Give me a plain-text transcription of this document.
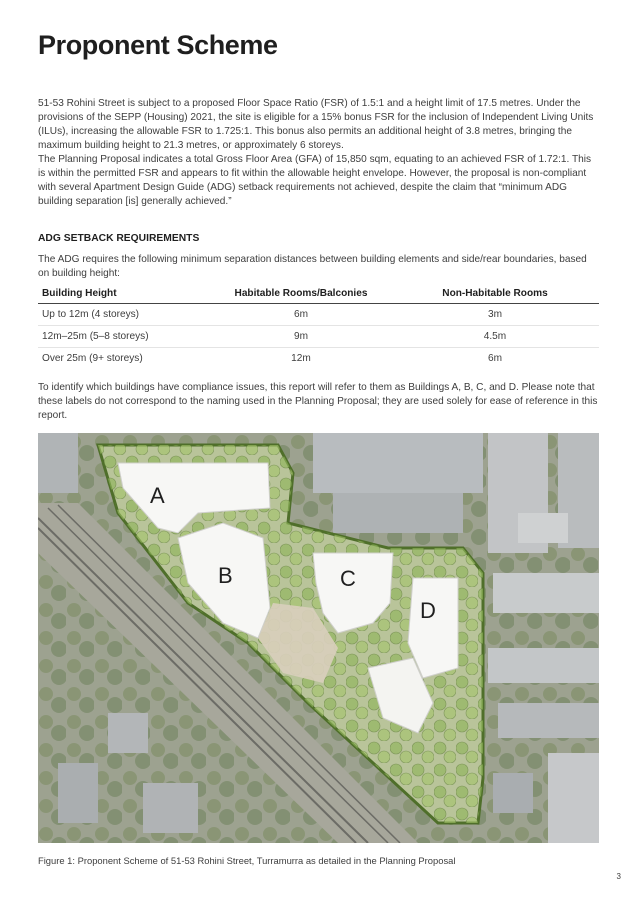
Proponent Scheme

51-53 Rohini Street is subject to a proposed Floor Space Ratio (FSR) of 1.5:1 and a height limit of 17.5 metres. Under the provisions of the SEPP (Housing) 2021, the site is eligible for a 15% bonus FSR for the inclusion of Independent Living Units (ILUs), increasing the allowable FSR to 1.725:1. This bonus also permits an additional height of 3.8 metres, bringing the maximum building height to 21.3 metres, or approximately 6 storeys.

The Planning Proposal indicates a total Gross Floor Area (GFA) of 15,850 sqm, equating to an achieved FSR of 1.72:1. This is within the permitted FSR and appears to fit within the allowable height envelope. However, the proposal is non-compliant with several Apartment Design Guide (ADG) setback requirements not achieved, despite the claim that “minimum ADG building separation [is] generally achieved.”

ADG SETBACK REQUIREMENTS

The ADG requires the following minimum separation distances between building elements and side/rear boundaries, based on building height:

Building Height	Habitable Rooms/Balconies	Non-Habitable Rooms
Up to 12m (4 storeys)	6m	3m
12m–25m (5–8 storeys)	9m	4.5m
Over 25m (9+ storeys)	12m	6m

To identify which buildings have compliance issues, this report will refer to them as Buildings A, B, C, and D. Please note that these labels do not correspond to the naming used in the Planning Proposal; they are used solely for ease of reference in this report.

A
B	C
D

Figure 1: Proponent Scheme of 51-53 Rohini Street, Turramurra as detailed in the Planning Proposal

3
